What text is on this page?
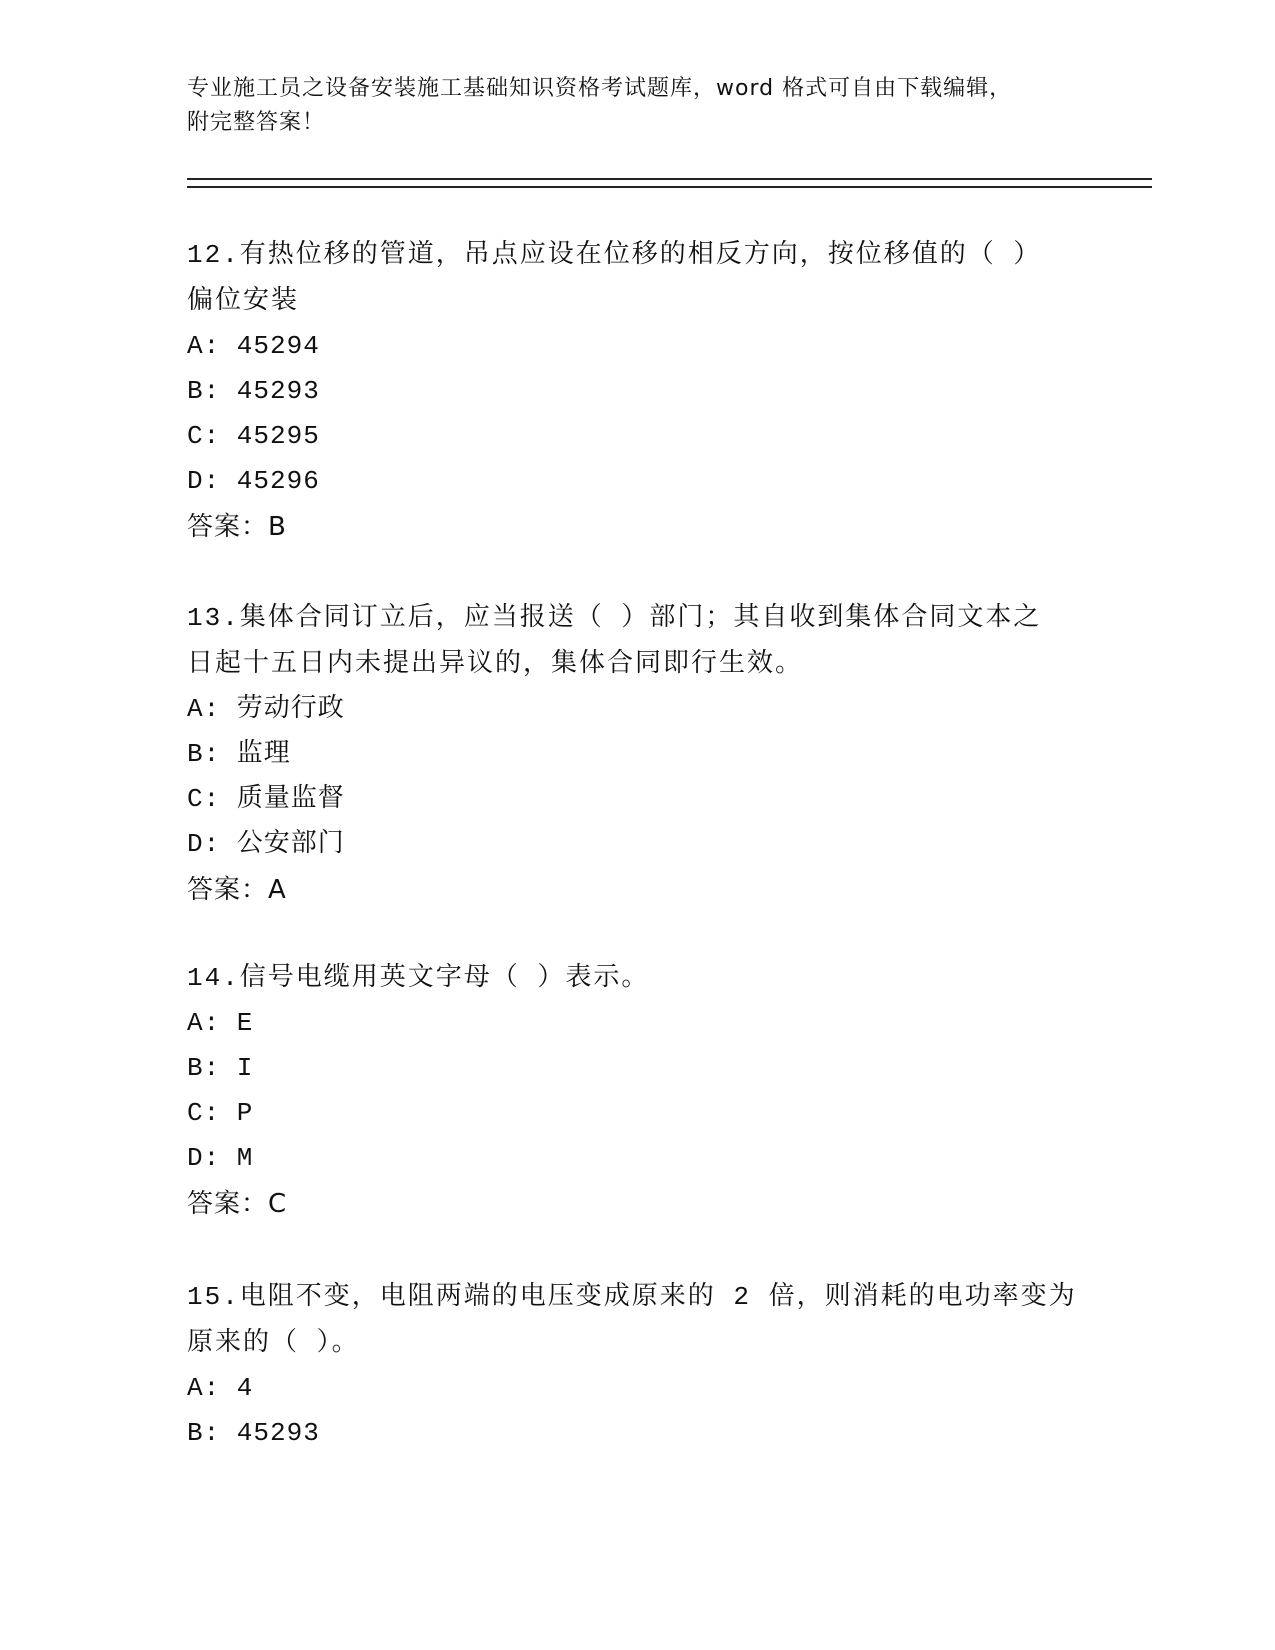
专业施工员之设备安装施工基础知识资格考试题库，word 格式可自由下载编辑，
附完整答案！
12.有热位移的管道，吊点应设在位移的相反方向，按位移值的（ ）
偏位安装
A: 45294
B: 45293
C: 45295
D: 45296
答案：B
13.集体合同订立后，应当报送（ ）部门；其自收到集体合同文本之
日起十五日内未提出异议的，集体合同即行生效。
A: 劳动行政
B: 监理
C: 质量监督
D: 公安部门
答案：A
14.信号电缆用英文字母（ ）表示。
A: E
B: I
C: P
D: M
答案：C
15.电阻不变，电阻两端的电压变成原来的 2 倍，则消耗的电功率变为
原来的（ ）。
A: 4
B: 45293
